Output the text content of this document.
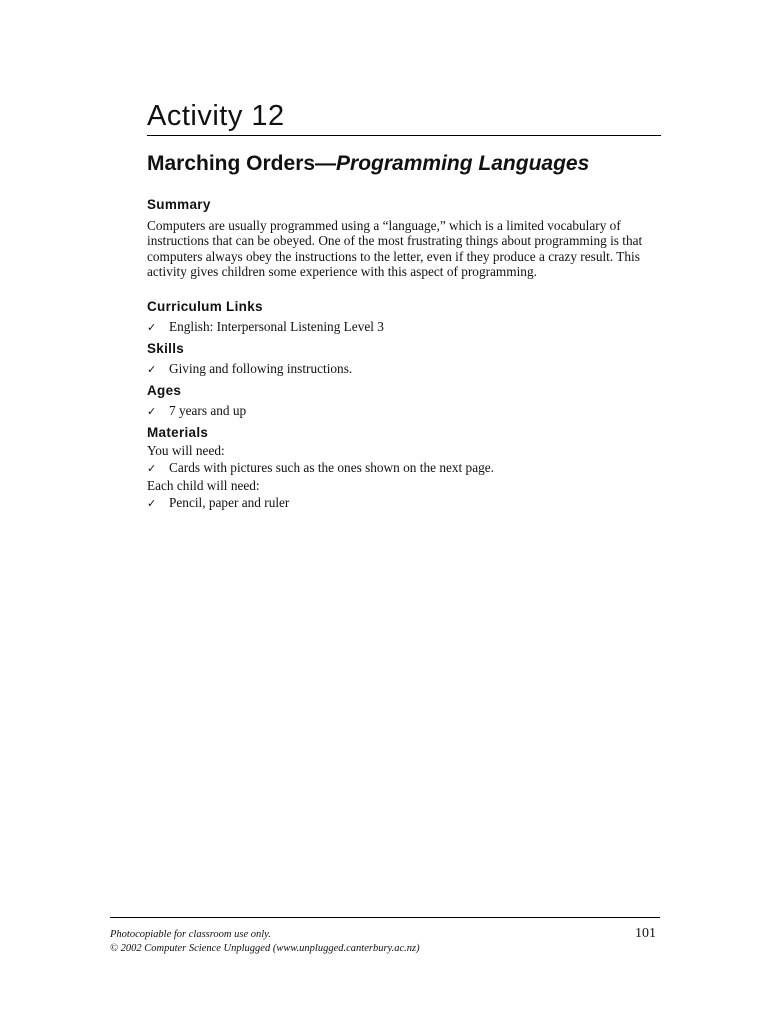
Activity 12
Marching Orders—Programming Languages
Summary

Computers are usually programmed using a “language,” which is a limited vocabulary of instructions that can be obeyed. One of the most frustrating things about programming is that computers always obey the instructions to the letter, even if they produce a crazy result. This activity gives children some experience with this aspect of programming.

Curriculum Links

✓ English: Interpersonal Listening Level 3

Skills

✓ Giving and following instructions.

Ages

✓ 7 years and up

Materials

You will need:

✓ Cards with pictures such as the ones shown on the next page.

Each child will need:

✓ Pencil, paper and ruler

Photocopiable for classroom use only.

© 2002 Computer Science Unplugged (www.unplugged.canterbury.ac.nz)

101
